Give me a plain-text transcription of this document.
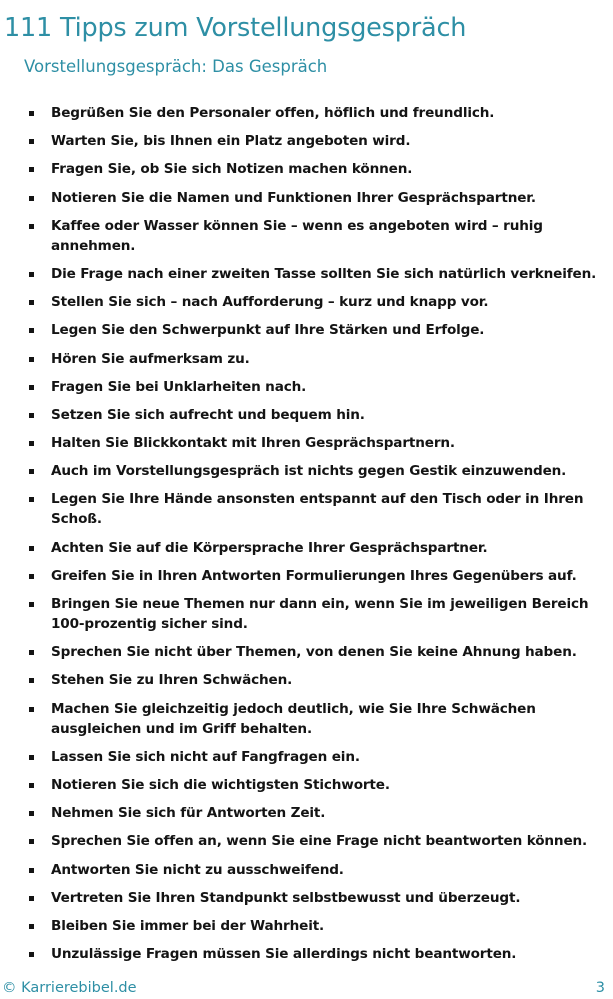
111 Tipps zum Vorstellungsgespräch
Vorstellungsgespräch: Das Gespräch
Begrüßen Sie den Personaler offen, höflich und freundlich.
Warten Sie, bis Ihnen ein Platz angeboten wird.
Fragen Sie, ob Sie sich Notizen machen können.
Notieren Sie die Namen und Funktionen Ihrer Gesprächspartner.
Kaffee oder Wasser können Sie – wenn es angeboten wird – ruhig annehmen.
Die Frage nach einer zweiten Tasse sollten Sie sich natürlich verkneifen.
Stellen Sie sich – nach Aufforderung – kurz und knapp vor.
Legen Sie den Schwerpunkt auf Ihre Stärken und Erfolge.
Hören Sie aufmerksam zu.
Fragen Sie bei Unklarheiten nach.
Setzen Sie sich aufrecht und bequem hin.
Halten Sie Blickkontakt mit Ihren Gesprächspartnern.
Auch im Vorstellungsgespräch ist nichts gegen Gestik einzuwenden.
Legen Sie Ihre Hände ansonsten entspannt auf den Tisch oder in Ihren Schoß.
Achten Sie auf die Körpersprache Ihrer Gesprächspartner.
Greifen Sie in Ihren Antworten Formulierungen Ihres Gegenübers auf.
Bringen Sie neue Themen nur dann ein, wenn Sie im jeweiligen Bereich 100-prozentig sicher sind.
Sprechen Sie nicht über Themen, von denen Sie keine Ahnung haben.
Stehen Sie zu Ihren Schwächen.
Machen Sie gleichzeitig jedoch deutlich, wie Sie Ihre Schwächen ausgleichen und im Griff behalten.
Lassen Sie sich nicht auf Fangfragen ein.
Notieren Sie sich die wichtigsten Stichworte.
Nehmen Sie sich für Antworten Zeit.
Sprechen Sie offen an, wenn Sie eine Frage nicht beantworten können.
Antworten Sie nicht zu ausschweifend.
Vertreten Sie Ihren Standpunkt selbstbewusst und überzeugt.
Bleiben Sie immer bei der Wahrheit.
Unzulässige Fragen müssen Sie allerdings nicht beantworten.
© Karrierebibel.de	3
